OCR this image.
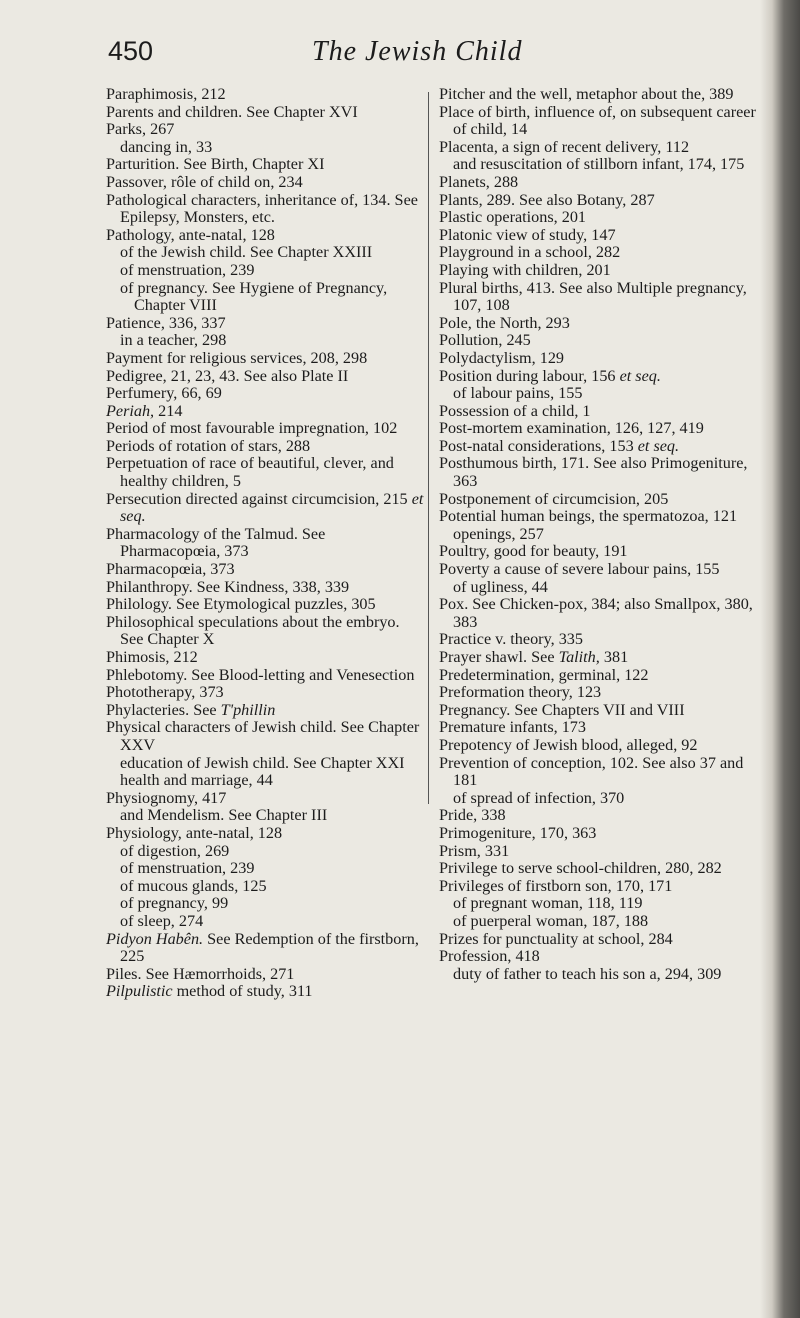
450	The Jewish Child
Paraphimosis, 212
Parents and children. See Chapter XVI
Parks, 267
dancing in, 33
Parturition. See Birth, Chapter XI
Passover, rôle of child on, 234
Pathological characters, inheritance of, 134. See Epilepsy, Monsters, etc.
Pathology, ante-natal, 128
of the Jewish child. See Chapter XXIII
of menstruation, 239
of pregnancy. See Hygiene of Pregnancy, Chapter VIII
Patience, 336, 337
in a teacher, 298
Payment for religious services, 208, 298
Pedigree, 21, 23, 43. See also Plate II
Perfumery, 66, 69
Periah, 214
Period of most favourable impregnation, 102
Periods of rotation of stars, 288
Perpetuation of race of beautiful, clever, and healthy children, 5
Persecution directed against circumcision, 215 et seq.
Pharmacology of the Talmud. See Pharmacopœia, 373
Pharmacopœia, 373
Philanthropy. See Kindness, 338, 339
Philology. See Etymological puzzles, 305
Philosophical speculations about the embryo. See Chapter X
Phimosis, 212
Phlebotomy. See Blood-letting and Venesection
Phototherapy, 373
Phylacteries. See T'phillin
Physical characters of Jewish child. See Chapter XXV
education of Jewish child. See Chapter XXI
health and marriage, 44
Physiognomy, 417
and Mendelism. See Chapter III
Physiology, ante-natal, 128
of digestion, 269
of menstruation, 239
of mucous glands, 125
of pregnancy, 99
of sleep, 274
Pidyon Habên. See Redemption of the firstborn, 225
Piles. See Hæmorrhoids, 271
Pilpulistic method of study, 311
Pitcher and the well, metaphor about the, 389
Place of birth, influence of, on subsequent career of child, 14
Placenta, a sign of recent delivery, 112
and resuscitation of stillborn infant, 174, 175
Planets, 288
Plants, 289. See also Botany, 287
Plastic operations, 201
Platonic view of study, 147
Playground in a school, 282
Playing with children, 201
Plural births, 413. See also Multiple pregnancy, 107, 108
Pole, the North, 293
Pollution, 245
Polydactylism, 129
Position during labour, 156 et seq.
of labour pains, 155
Possession of a child, 1
Post-mortem examination, 126, 127, 419
Post-natal considerations, 153 et seq.
Posthumous birth, 171. See also Primogeniture, 363
Postponement of circumcision, 205
Potential human beings, the spermatozoa, 121
openings, 257
Poultry, good for beauty, 191
Poverty a cause of severe labour pains, 155
of ugliness, 44
Pox. See Chicken-pox, 384; also Smallpox, 380, 383
Practice v. theory, 335
Prayer shawl. See Talith, 381
Predetermination, germinal, 122
Preformation theory, 123
Pregnancy. See Chapters VII and VIII
Premature infants, 173
Prepotency of Jewish blood, alleged, 92
Prevention of conception, 102. See also 37 and 181
of spread of infection, 370
Pride, 338
Primogeniture, 170, 363
Prism, 331
Privilege to serve school-children, 280, 282
Privileges of firstborn son, 170, 171
of pregnant woman, 118, 119
of puerperal woman, 187, 188
Prizes for punctuality at school, 284
Profession, 418
duty of father to teach his son a, 294, 309
